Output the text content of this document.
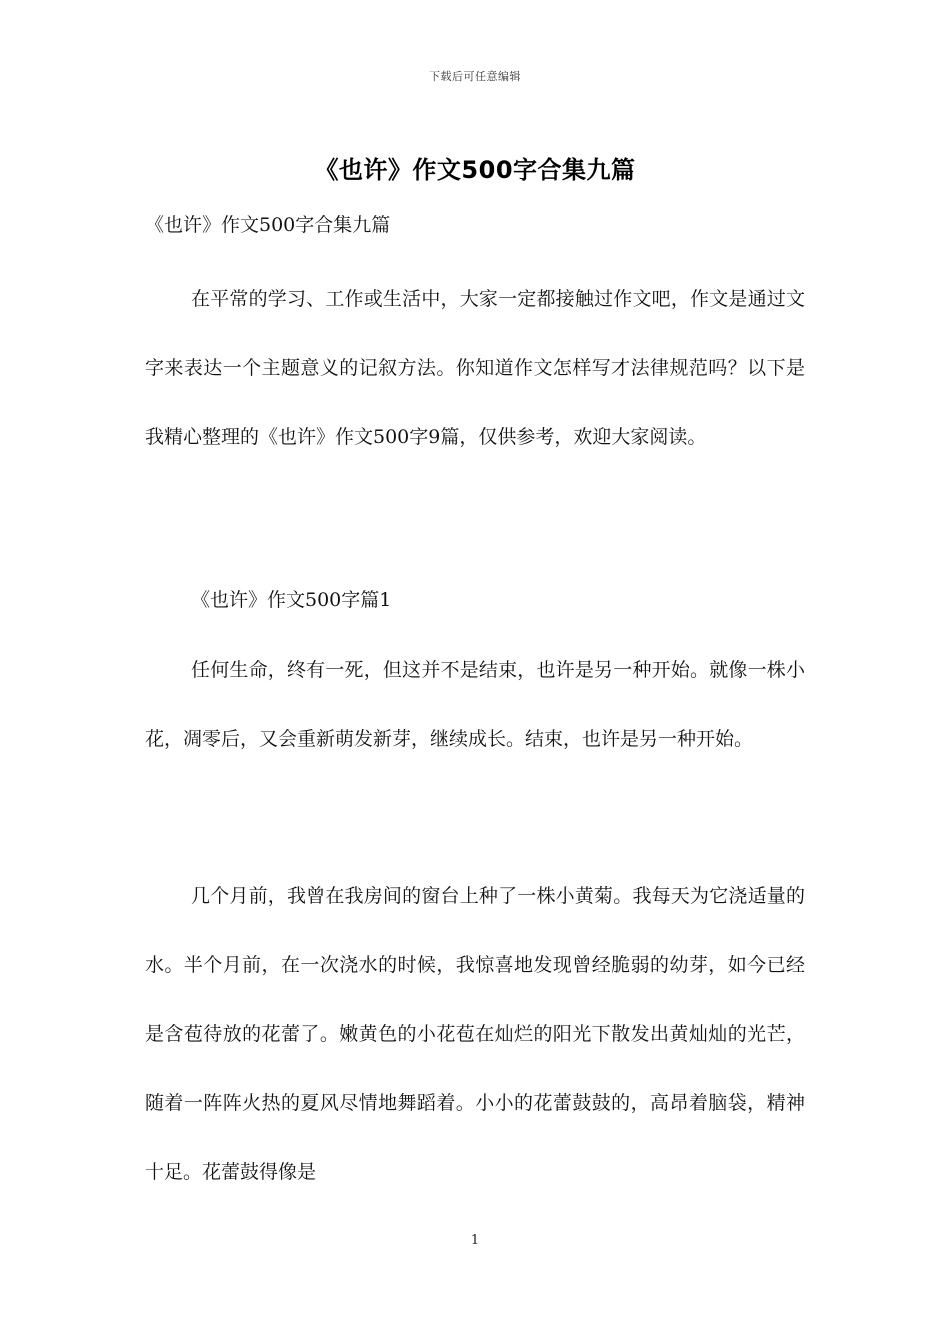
下载后可任意编辑
《也许》作文500字合集九篇
《也许》作文500字合集九篇
在平常的学习、工作或生活中，大家一定都接触过作文吧，作文是通过文字来表达一个主题意义的记叙方法。你知道作文怎样写才法律规范吗？以下是我精心整理的《也许》作文500字9篇，仅供参考，欢迎大家阅读。
《也许》作文500字篇1
任何生命，终有一死，但这并不是结束，也许是另一种开始。就像一株小花，凋零后，又会重新萌发新芽，继续成长。结束，也许是另一种开始。
几个月前，我曾在我房间的窗台上种了一株小黄菊。我每天为它浇适量的水。半个月前，在一次浇水的时候，我惊喜地发现曾经脆弱的幼芽，如今已经是含苞待放的花蕾了。嫩黄色的小花苞在灿烂的阳光下散发出黄灿灿的光芒，随着一阵阵火热的夏风尽情地舞蹈着。小小的花蕾鼓鼓的，高昂着脑袋，精神十足。花蕾鼓得像是
1
